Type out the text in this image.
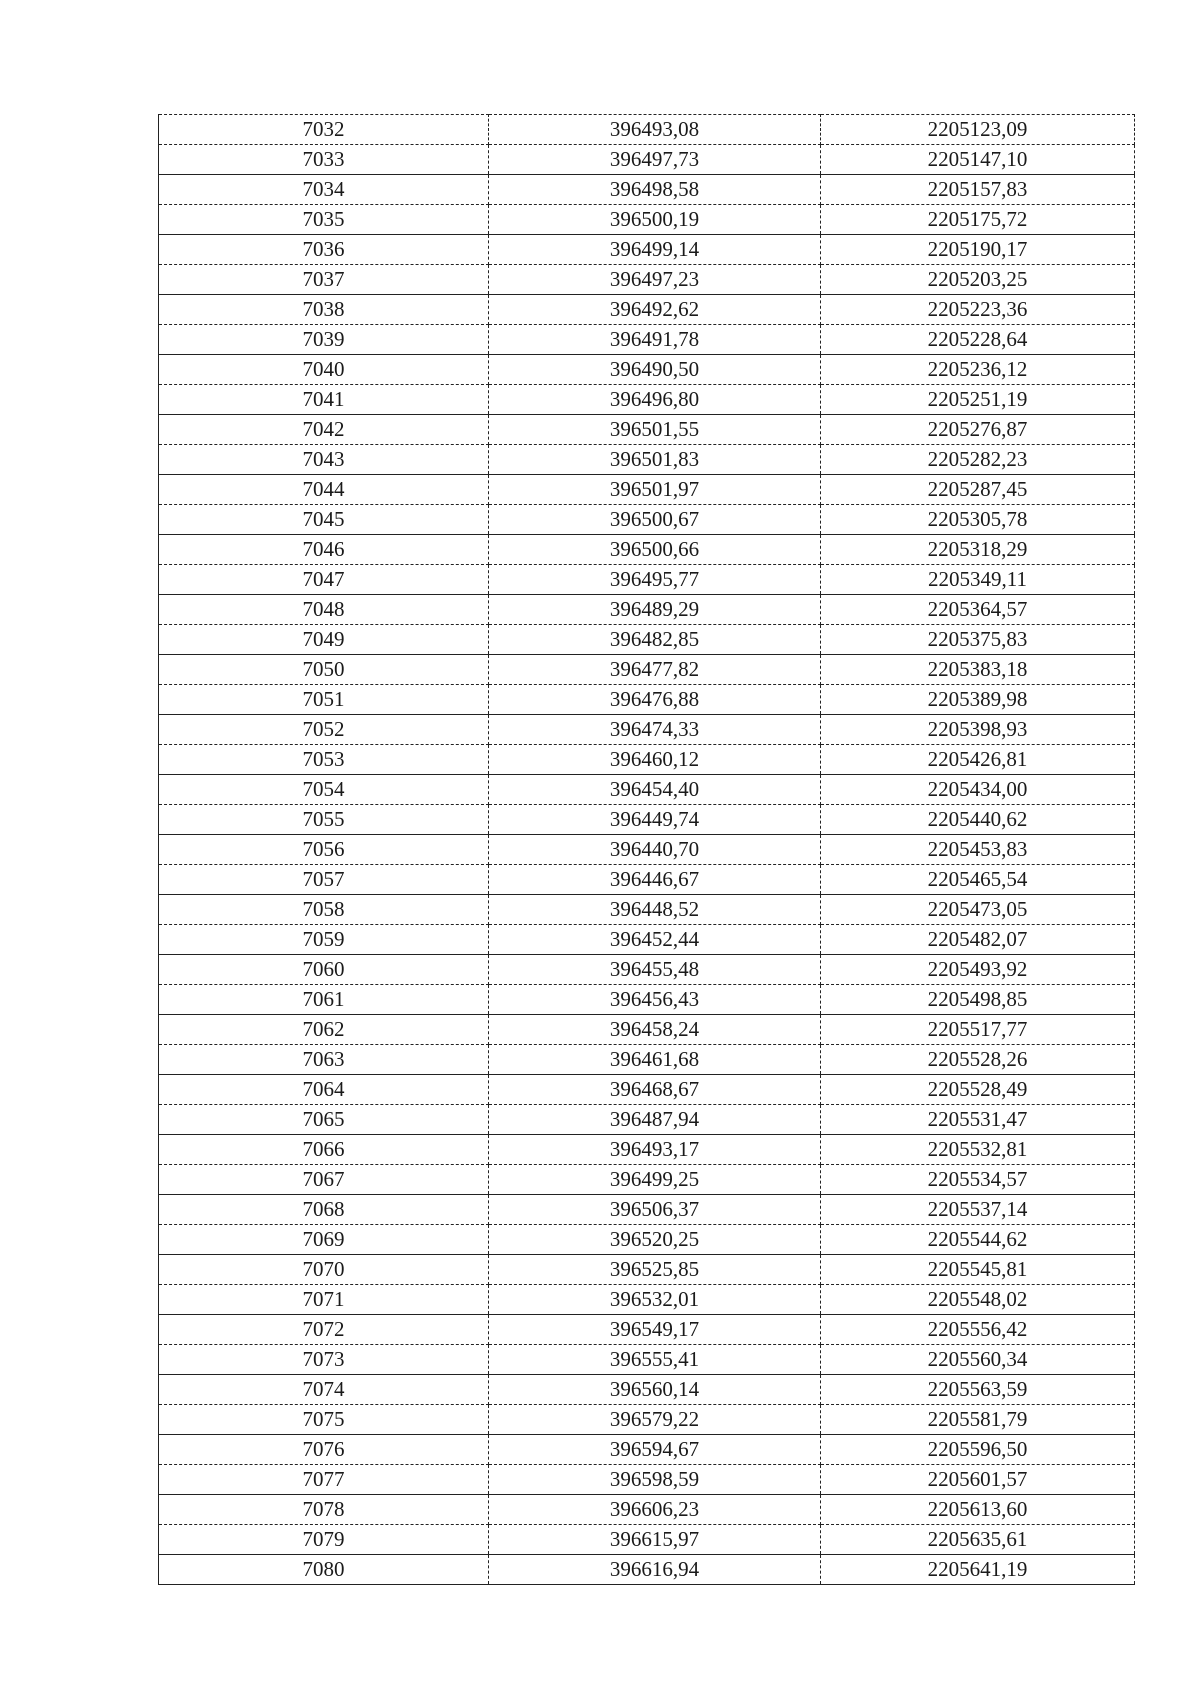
7032	396493,08	2205123,09
7033	396497,73	2205147,10
7034	396498,58	2205157,83
7035	396500,19	2205175,72
7036	396499,14	2205190,17
7037	396497,23	2205203,25
7038	396492,62	2205223,36
7039	396491,78	2205228,64
7040	396490,50	2205236,12
7041	396496,80	2205251,19
7042	396501,55	2205276,87
7043	396501,83	2205282,23
7044	396501,97	2205287,45
7045	396500,67	2205305,78
7046	396500,66	2205318,29
7047	396495,77	2205349,11
7048	396489,29	2205364,57
7049	396482,85	2205375,83
7050	396477,82	2205383,18
7051	396476,88	2205389,98
7052	396474,33	2205398,93
7053	396460,12	2205426,81
7054	396454,40	2205434,00
7055	396449,74	2205440,62
7056	396440,70	2205453,83
7057	396446,67	2205465,54
7058	396448,52	2205473,05
7059	396452,44	2205482,07
7060	396455,48	2205493,92
7061	396456,43	2205498,85
7062	396458,24	2205517,77
7063	396461,68	2205528,26
7064	396468,67	2205528,49
7065	396487,94	2205531,47
7066	396493,17	2205532,81
7067	396499,25	2205534,57
7068	396506,37	2205537,14
7069	396520,25	2205544,62
7070	396525,85	2205545,81
7071	396532,01	2205548,02
7072	396549,17	2205556,42
7073	396555,41	2205560,34
7074	396560,14	2205563,59
7075	396579,22	2205581,79
7076	396594,67	2205596,50
7077	396598,59	2205601,57
7078	396606,23	2205613,60
7079	396615,97	2205635,61
7080	396616,94	2205641,19
